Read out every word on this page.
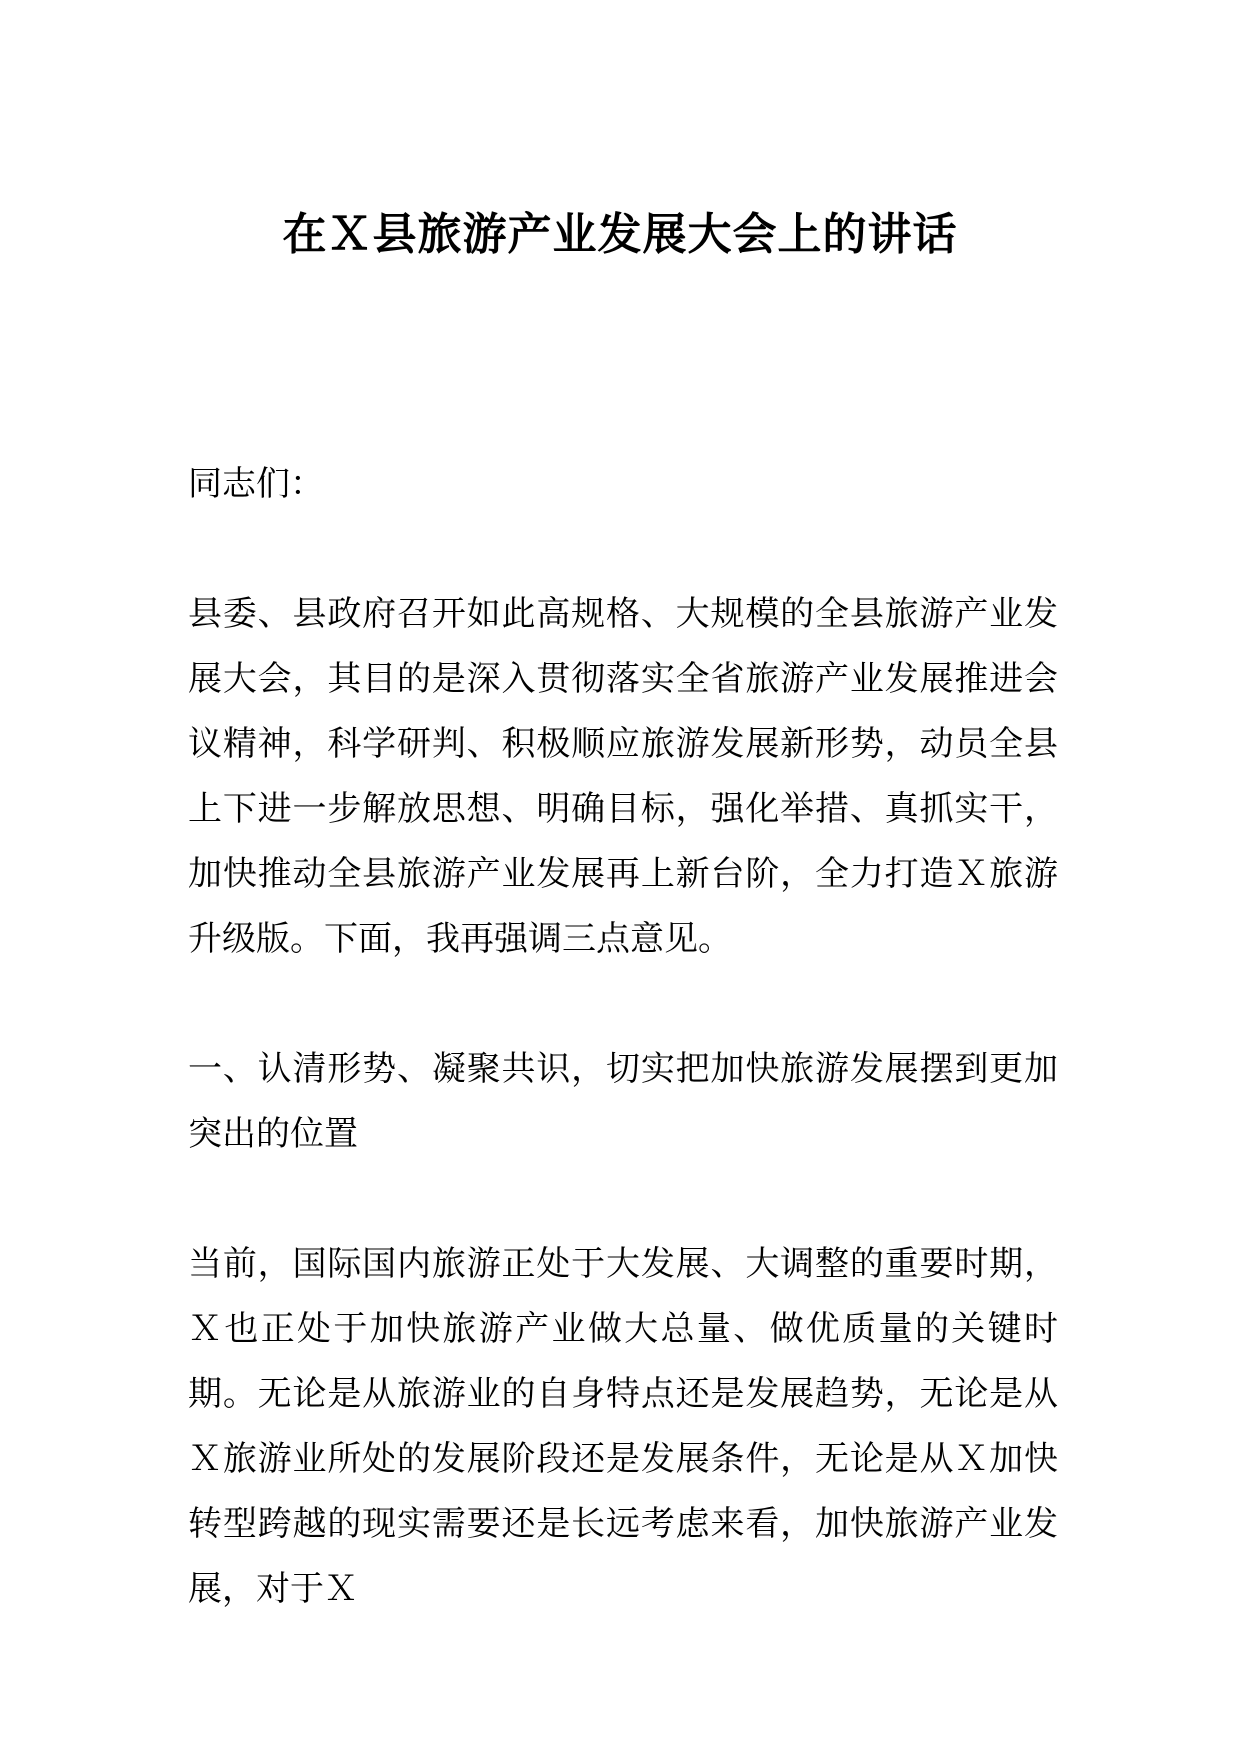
在Ｘ县旅游产业发展大会上的讲话

同志们：

县委、县政府召开如此高规格、大规模的全县旅游产业发展大会，其目的是深入贯彻落实全省旅游产业发展推进会议精神，科学研判、积极顺应旅游发展新形势，动员全县上下进一步解放思想、明确目标，强化举措、真抓实干，加快推动全县旅游产业发展再上新台阶，全力打造Ｘ旅游升级版。下面，我再强调三点意见。

一、认清形势、凝聚共识，切实把加快旅游发展摆到更加突出的位置

当前，国际国内旅游正处于大发展、大调整的重要时期，Ｘ也正处于加快旅游产业做大总量、做优质量的关键时期。无论是从旅游业的自身特点还是发展趋势，无论是从Ｘ旅游业所处的发展阶段还是发展条件，无论是从Ｘ加快转型跨越的现实需要还是长远考虑来看，加快旅游产业发展，对于Ｘ
